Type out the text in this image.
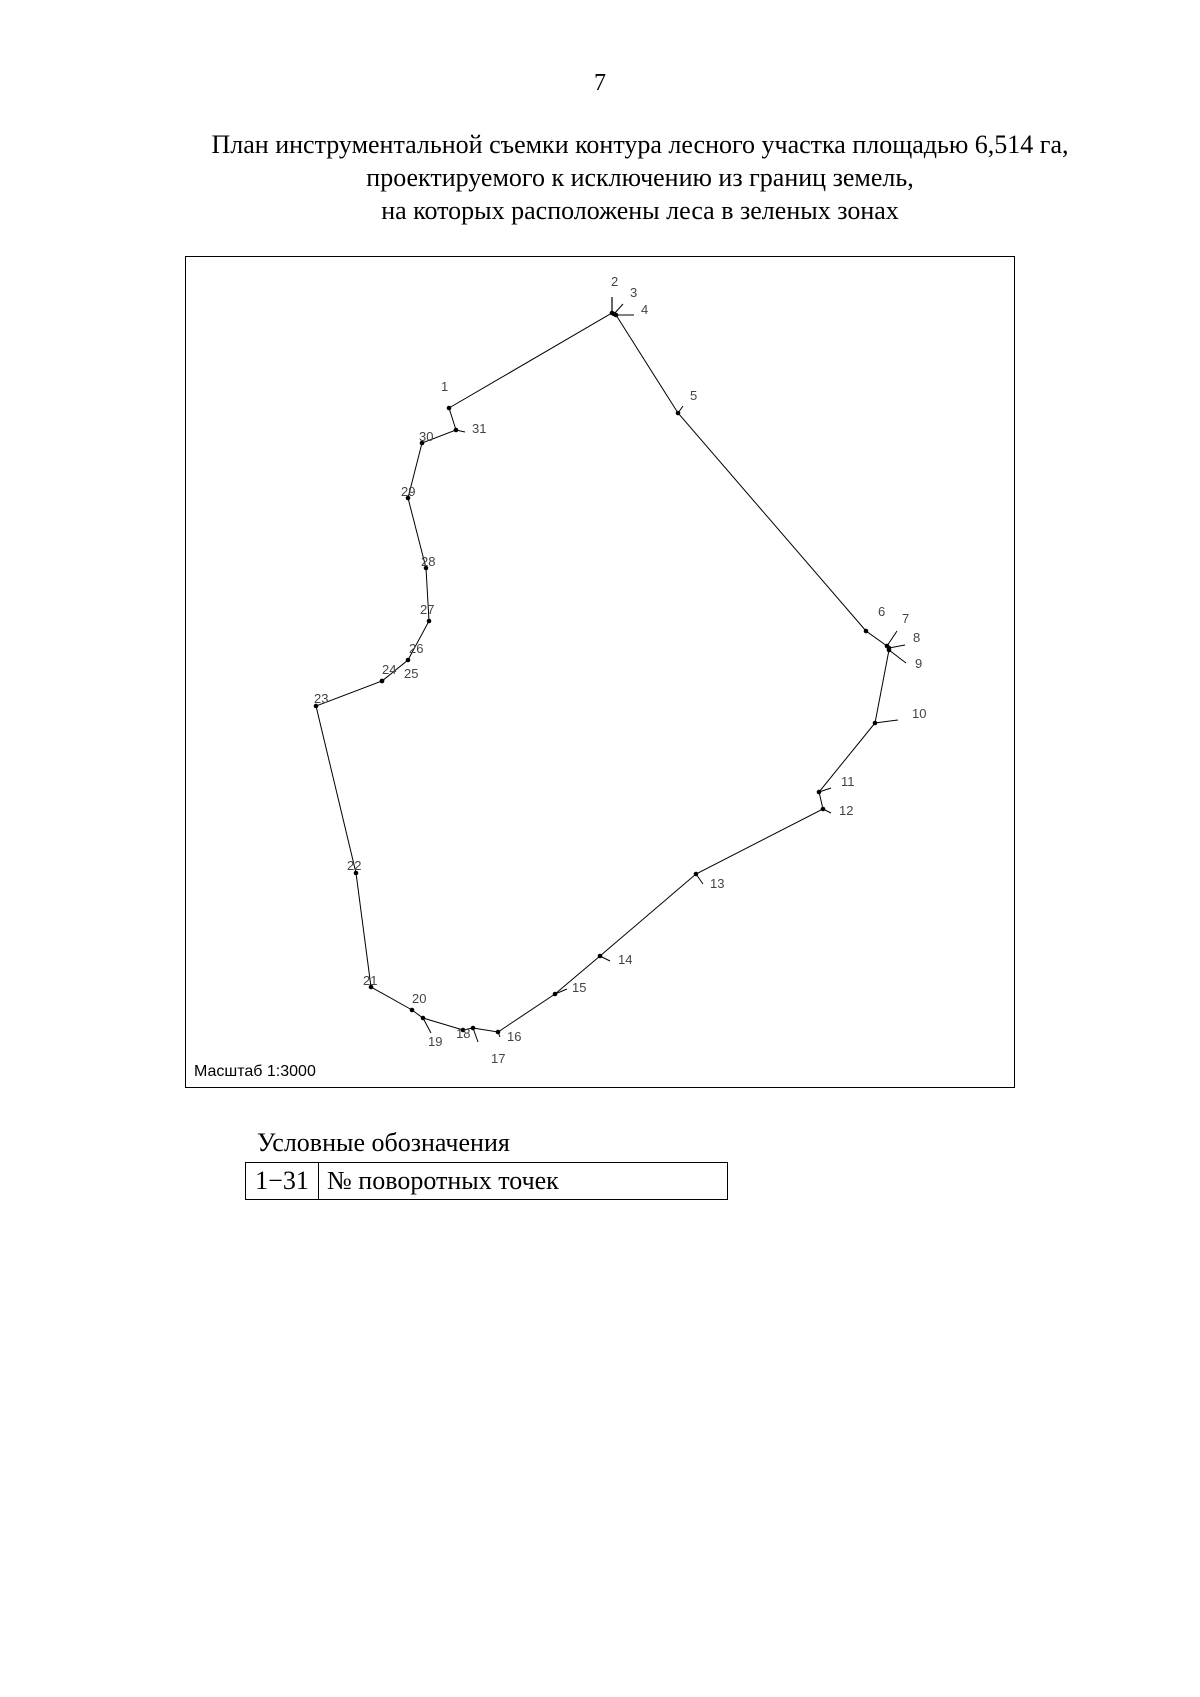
7
План инструментальной съемки контура лесного участка площадью 6,514 га,
проектируемого к исключению из границ земель,
на которых расположены леса в зеленых зонах
1
2
3
4
5
6 7
8
9
10
11
12
13
14
15
16
17
18
19
20
21
22
23
24 25
26
27
28
29
30
31
Масштаб 1:3000
Условные обозначения
1−31	№ поворотных точек
